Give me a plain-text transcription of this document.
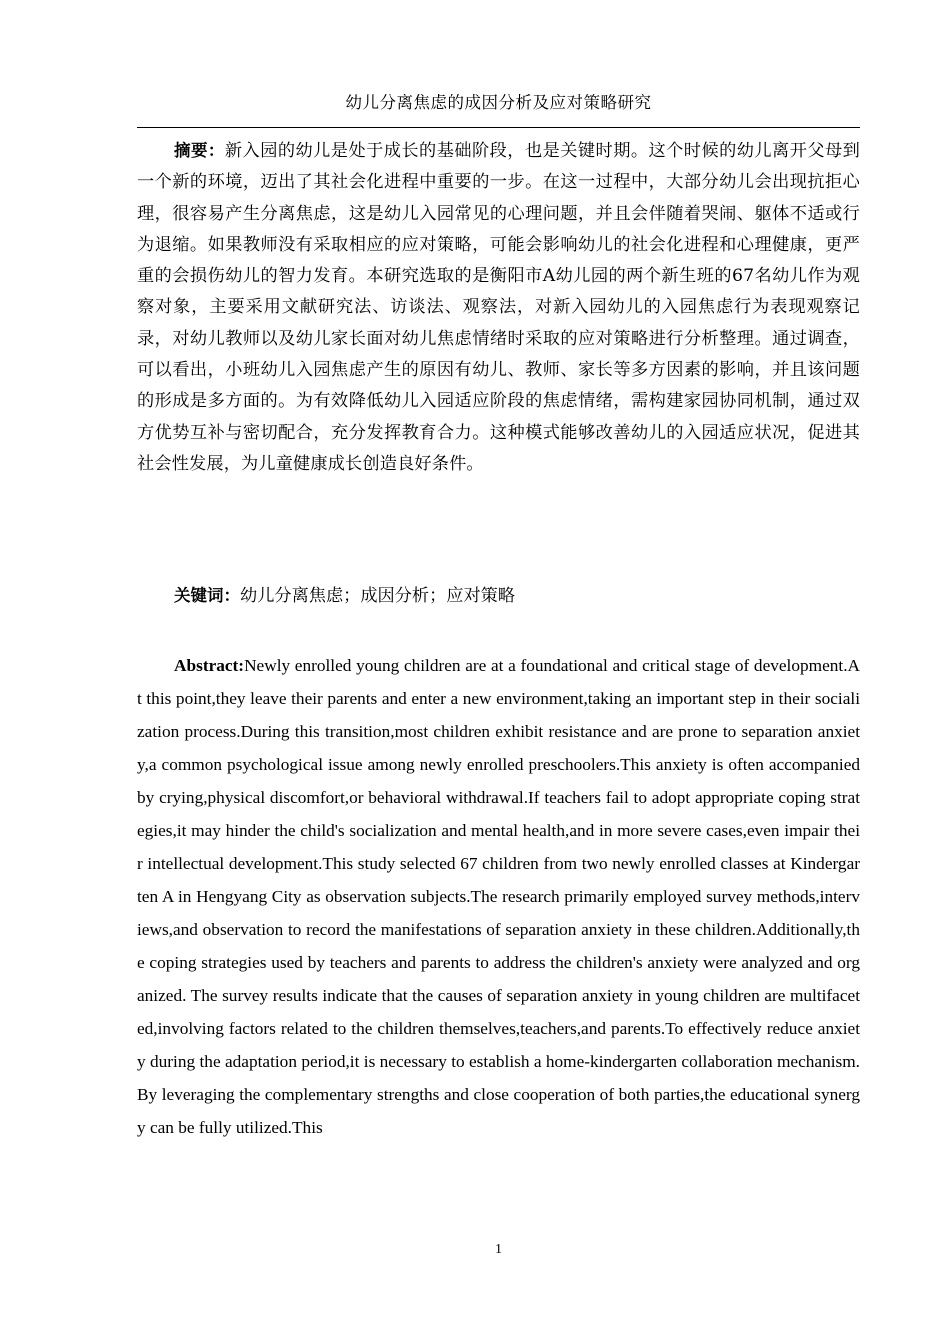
幼儿分离焦虑的成因分析及应对策略研究

摘要：新入园的幼儿是处于成长的基础阶段，也是关键时期。这个时候的幼儿离开父母到一个新的环境，迈出了其社会化进程中重要的一步。在这一过程中，大部分幼儿会出现抗拒心理，很容易产生分离焦虑，这是幼儿入园常见的心理问题，并且会伴随着哭闹、躯体不适或行为退缩。如果教师没有采取相应的应对策略，可能会影响幼儿的社会化进程和心理健康，更严重的会损伤幼儿的智力发育。本研究选取的是衡阳市A幼儿园的两个新生班的67名幼儿作为观察对象，主要采用文献研究法、访谈法、观察法，对新入园幼儿的入园焦虑行为表现观察记录，对幼儿教师以及幼儿家长面对幼儿焦虑情绪时采取的应对策略进行分析整理。通过调查，可以看出，小班幼儿入园焦虑产生的原因有幼儿、教师、家长等多方因素的影响，并且该问题的形成是多方面的。为有效降低幼儿入园适应阶段的焦虑情绪，需构建家园协同机制，通过双方优势互补与密切配合，充分发挥教育合力。这种模式能够改善幼儿的入园适应状况，促进其社会性发展，为儿童健康成长创造良好条件。

关键词：幼儿分离焦虑；成因分析；应对策略

Abstract:Newly enrolled young children are at a foundational and critical stage of development.At this point,they leave their parents and enter a new environment,taking an important step in their socialization process.During this transition,most children exhibit resistance and are prone to separation anxiety,a common psychological issue among newly enrolled preschoolers.This anxiety is often accompanied by crying,physical discomfort,or behavioral withdrawal.If teachers fail to adopt appropriate coping strategies,it may hinder the child's socialization and mental health,and in more severe cases,even impair their intellectual development.This study selected 67 children from two newly enrolled classes at Kindergarten A in Hengyang City as observation subjects.The research primarily employed survey methods,interviews,and observation to record the manifestations of separation anxiety in these children.Additionally,the coping strategies used by teachers and parents to address the children's anxiety were analyzed and organized. The survey results indicate that the causes of separation anxiety in young children are multifaceted,involving factors related to the children themselves,teachers,and parents.To effectively reduce anxiety during the adaptation period,it is necessary to establish a home-kindergarten collaboration mechanism.By leveraging the complementary strengths and close cooperation of both parties,the educational synergy can be fully utilized.This

1
